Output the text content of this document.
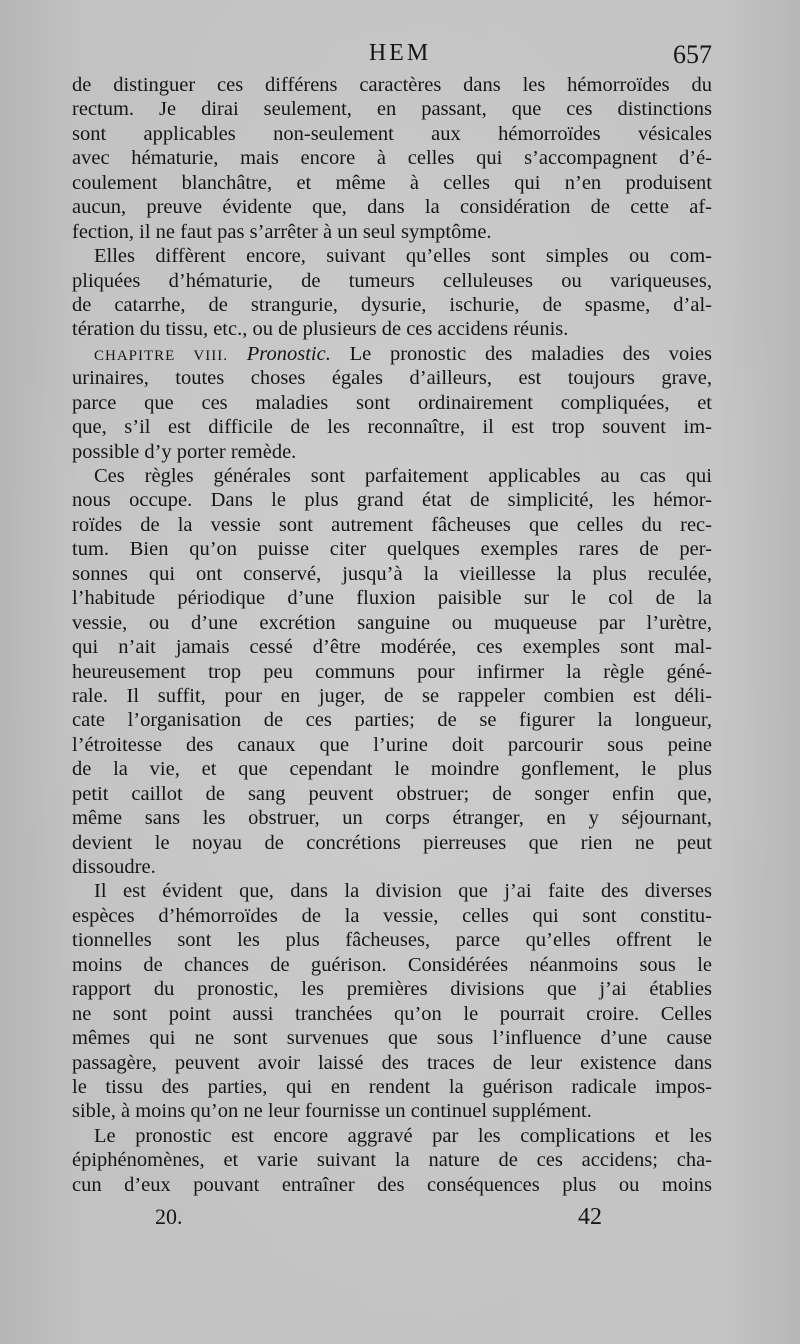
HEM	657
de distinguer ces différens caractères dans les hémorroïdes du
rectum. Je dirai seulement, en passant, que ces distinctions
sont applicables non-seulement aux hémorroïdes vésicales
avec hématurie, mais encore à celles qui s’accompagnent d’é-
coulement blanchâtre, et même à celles qui n’en produisent
aucun, preuve évidente que, dans la considération de cette af-
fection, il ne faut pas s’arrêter à un seul symptôme.
Elles diffèrent encore, suivant qu’elles sont simples ou com-
pliquées d’hématurie, de tumeurs celluleuses ou variqueuses,
de catarrhe, de strangurie, dysurie, ischurie, de spasme, d’al-
tération du tissu, etc., ou de plusieurs de ces accidens réunis.
CHAPITRE VIII. Pronostic. Le pronostic des maladies des voies
urinaires, toutes choses égales d’ailleurs, est toujours grave,
parce que ces maladies sont ordinairement compliquées, et
que, s’il est difficile de les reconnaître, il est trop souvent im-
possible d’y porter remède.
Ces règles générales sont parfaitement applicables au cas qui
nous occupe. Dans le plus grand état de simplicité, les hémor-
roïdes de la vessie sont autrement fâcheuses que celles du rec-
tum. Bien qu’on puisse citer quelques exemples rares de per-
sonnes qui ont conservé, jusqu’à la vieillesse la plus reculée,
l’habitude périodique d’une fluxion paisible sur le col de la
vessie, ou d’une excrétion sanguine ou muqueuse par l’urètre,
qui n’ait jamais cessé d’être modérée, ces exemples sont mal-
heureusement trop peu communs pour infirmer la règle géné-
rale. Il suffit, pour en juger, de se rappeler combien est déli-
cate l’organisation de ces parties; de se figurer la longueur,
l’étroitesse des canaux que l’urine doit parcourir sous peine
de la vie, et que cependant le moindre gonflement, le plus
petit caillot de sang peuvent obstruer; de songer enfin que,
même sans les obstruer, un corps étranger, en y séjournant,
devient le noyau de concrétions pierreuses que rien ne peut
dissoudre.
Il est évident que, dans la division que j’ai faite des diverses
espèces d’hémorroïdes de la vessie, celles qui sont constitu-
tionnelles sont les plus fâcheuses, parce qu’elles offrent le
moins de chances de guérison. Considérées néanmoins sous le
rapport du pronostic, les premières divisions que j’ai établies
ne sont point aussi tranchées qu’on le pourrait croire. Celles
mêmes qui ne sont survenues que sous l’influence d’une cause
passagère, peuvent avoir laissé des traces de leur existence dans
le tissu des parties, qui en rendent la guérison radicale impos-
sible, à moins qu’on ne leur fournisse un continuel supplément.
Le pronostic est encore aggravé par les complications et les
épiphénomènes, et varie suivant la nature de ces accidens; cha-
cun d’eux pouvant entraîner des conséquences plus ou moins
20.	42
